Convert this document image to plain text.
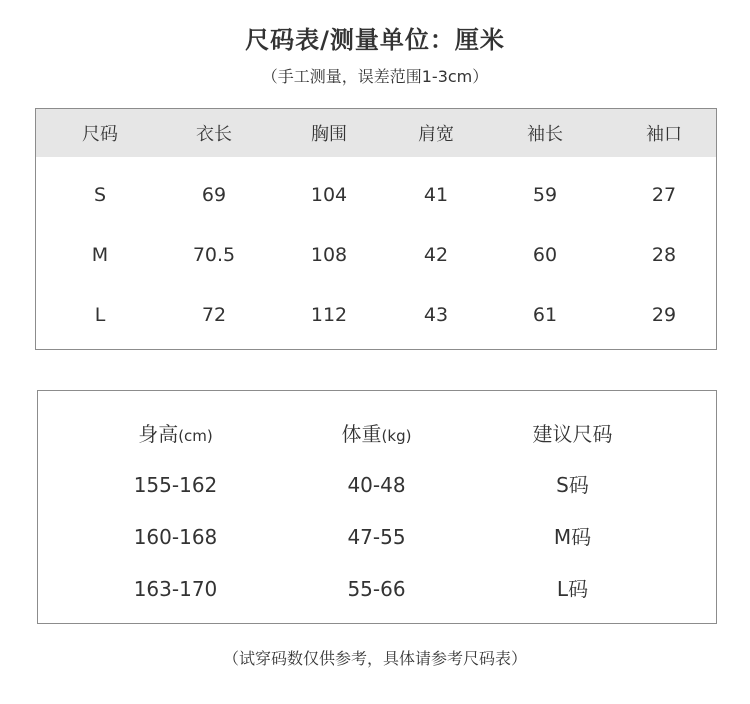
尺码表/测量单位：厘米
（手工测量，误差范围1-3cm）
尺码	衣长	胸围	肩宽	袖长	袖口
S	69	104	41	59	27
M	70.5	108	42	60	28
L	72	112	43	61	29
身高(cm)	体重(kg)	建议尺码
155-162	40-48	S码
160-168	47-55	M码
163-170	55-66	L码
（试穿码数仅供参考，具体请参考尺码表）
